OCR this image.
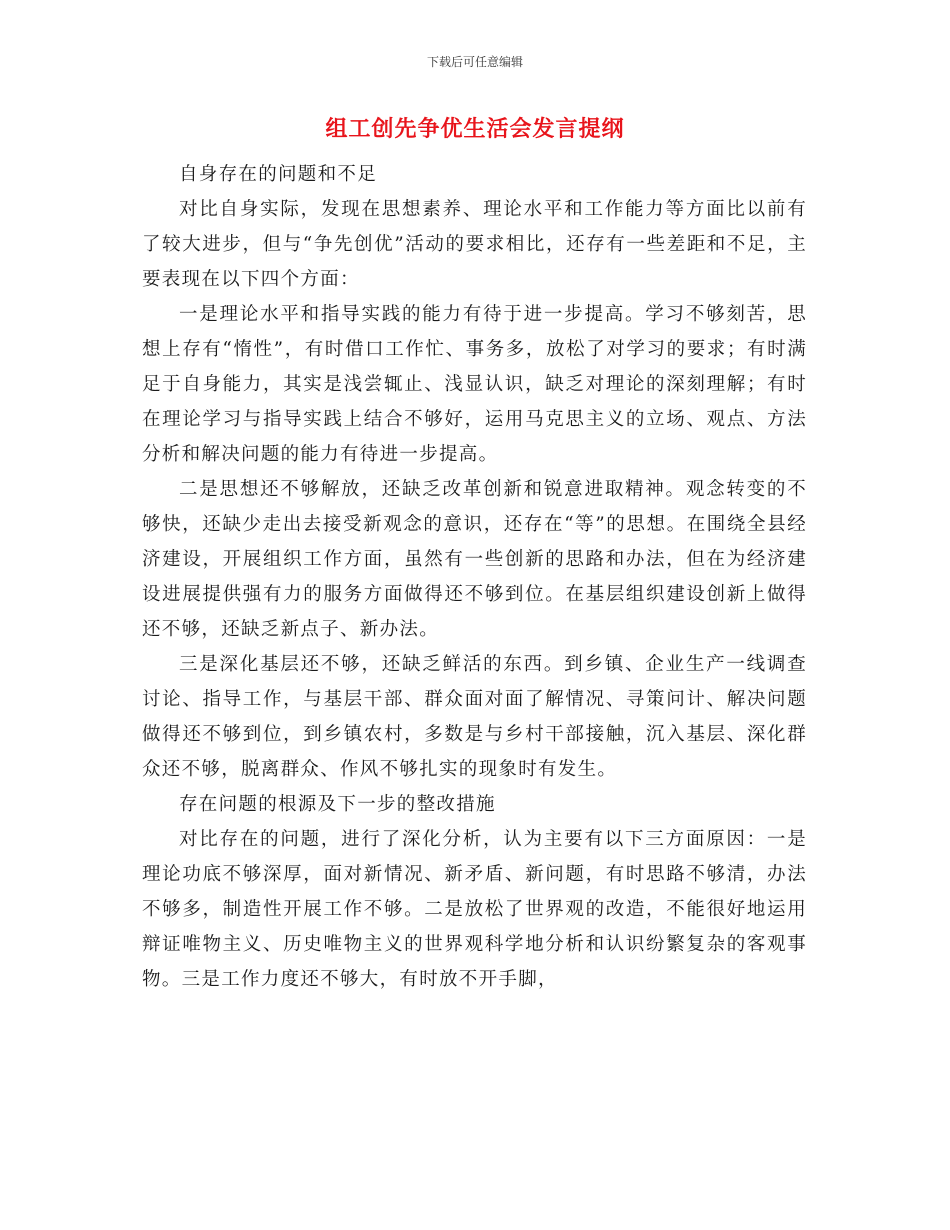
下载后可任意编辑
组工创先争优生活会发言提纲

自身存在的问题和不足

对比自身实际，发现在思想素养、理论水平和工作能力等方面比以前有了较大进步，但与“争先创优”活动的要求相比，还存有一些差距和不足，主要表现在以下四个方面：

一是理论水平和指导实践的能力有待于进一步提高。学习不够刻苦，思想上存有“惰性”，有时借口工作忙、事务多，放松了对学习的要求；有时满足于自身能力，其实是浅尝辄止、浅显认识，缺乏对理论的深刻理解；有时在理论学习与指导实践上结合不够好，运用马克思主义的立场、观点、方法分析和解决问题的能力有待进一步提高。

二是思想还不够解放，还缺乏改革创新和锐意进取精神。观念转变的不够快，还缺少走出去接受新观念的意识，还存在“等”的思想。在围绕全县经济建设，开展组织工作方面，虽然有一些创新的思路和办法，但在为经济建设进展提供强有力的服务方面做得还不够到位。在基层组织建设创新上做得还不够，还缺乏新点子、新办法。

三是深化基层还不够，还缺乏鲜活的东西。到乡镇、企业生产一线调查讨论、指导工作，与基层干部、群众面对面了解情况、寻策问计、解决问题做得还不够到位，到乡镇农村，多数是与乡村干部接触，沉入基层、深化群众还不够，脱离群众、作风不够扎实的现象时有发生。

存在问题的根源及下一步的整改措施

对比存在的问题，进行了深化分析，认为主要有以下三方面原因：一是理论功底不够深厚，面对新情况、新矛盾、新问题，有时思路不够清，办法不够多，制造性开展工作不够。二是放松了世界观的改造，不能很好地运用辩证唯物主义、历史唯物主义的世界观科学地分析和认识纷繁复杂的客观事物。三是工作力度还不够大，有时放不开手脚，
